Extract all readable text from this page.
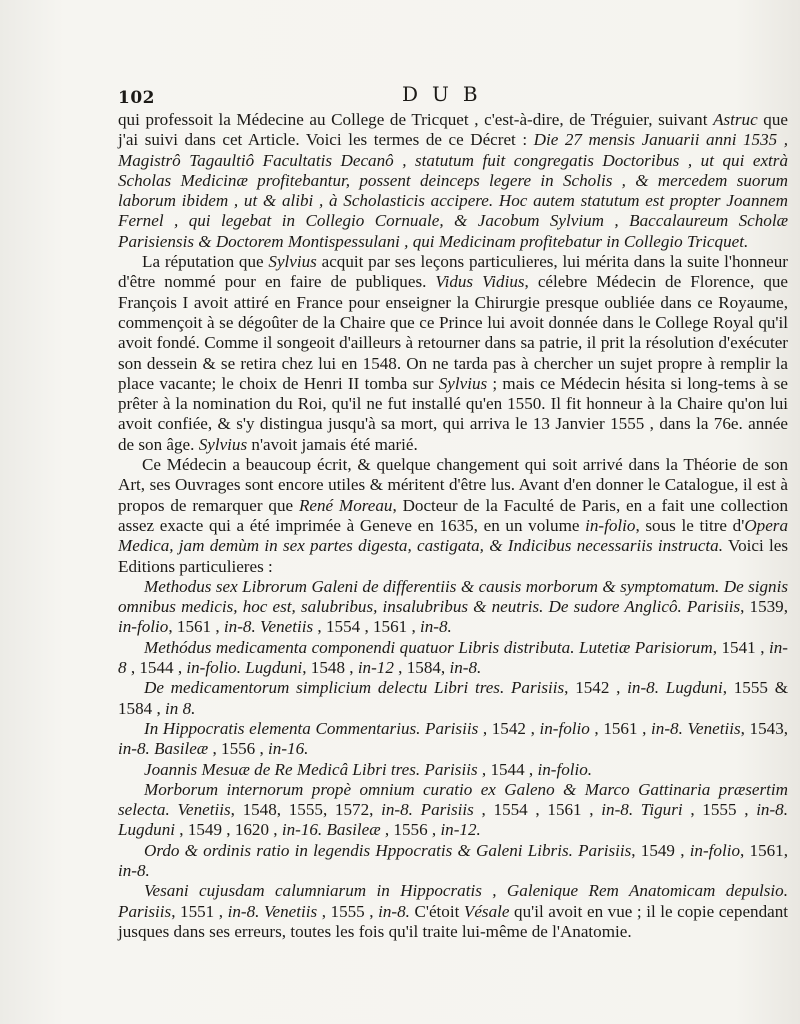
102	DUB

qui professoit la Médecine au College de Tricquet , c'est-à-dire, de Tréguier, suivant Astruc que j'ai suivi dans cet Article. Voici les termes de ce Décret : Die 27 mensis Januarii anni 1535 , Magistrô Tagaultiô Facultatis Decanô , statutum fuit congregatis Doctoribus , ut qui extrà Scholas Medicinæ profitebantur, possent deinceps legere in Scholis , & mercedem suorum laborum ibidem , ut & alibi , à Scholasticis accipere. Hoc autem statutum est propter Joannem Fernel , qui legebat in Collegio Cornuale, & Jacobum Sylvium , Baccalaureum Scholæ Parisiensis & Doctorem Montispessulani , qui Medicinam profitebatur in Collegio Tricquet.

La réputation que Sylvius acquit par ses leçons particulieres, lui mérita dans la suite l'honneur d'être nommé pour en faire de publiques. Vidus Vidius, célebre Médecin de Florence, que François I avoit attiré en France pour enseigner la Chirurgie presque oubliée dans ce Royaume, commençoit à se dégoûter de la Chaire que ce Prince lui avoit donnée dans le College Royal qu'il avoit fondé. Comme il songeoit d'ailleurs à retourner dans sa patrie, il prit la résolution d'exécuter son dessein & se retira chez lui en 1548. On ne tarda pas à chercher un sujet propre à remplir la place vacante; le choix de Henri II tomba sur Sylvius ; mais ce Médecin hésita si long-tems à se prêter à la nomination du Roi, qu'il ne fut installé qu'en 1550. Il fit honneur à la Chaire qu'on lui avoit confiée, & s'y distingua jusqu'à sa mort, qui arriva le 13 Janvier 1555 , dans la 76e. année de son âge. Sylvius n'avoit jamais été marié.

Ce Médecin a beaucoup écrit, & quelque changement qui soit arrivé dans la Théorie de son Art, ses Ouvrages sont encore utiles & méritent d'être lus. Avant d'en donner le Catalogue, il est à propos de remarquer que René Moreau, Docteur de la Faculté de Paris, en a fait une collection assez exacte qui a été imprimée à Geneve en 1635, en un volume in-folio, sous le titre d'Opera Medica, jam demùm in sex partes digesta, castigata, & Indicibus necessariis instructa. Voici les Editions particulieres :

Methodus sex Librorum Galeni de differentiis & causis morborum & symptomatum. De signis omnibus medicis, hoc est, salubribus, insalubribus & neutris. De sudore Anglicô. Parisiis, 1539, in-folio, 1561 , in-8. Venetiis , 1554 , 1561 , in-8.

Methódus medicamenta componendi quatuor Libris distributa. Lutetiæ Parisiorum, 1541 , in-8 , 1544 , in-folio. Lugduni, 1548 , in-12 , 1584, in-8.

De medicamentorum simplicium delectu Libri tres. Parisiis, 1542 , in-8. Lugduni, 1555 & 1584 , in 8.

In Hippocratis elementa Commentarius. Parisiis , 1542 , in-folio , 1561 , in-8. Venetiis, 1543, in-8. Basileæ , 1556 , in-16.

Joannis Mesuæ de Re Medicâ Libri tres. Parisiis , 1544 , in-folio.

Morborum internorum propè omnium curatio ex Galeno & Marco Gattinaria præsertim selecta. Venetiis, 1548, 1555, 1572, in-8. Parisiis , 1554 , 1561 , in-8. Tiguri , 1555 , in-8. Lugduni , 1549 , 1620 , in-16. Basileæ , 1556 , in-12.

Ordo & ordinis ratio in legendis Hppocratis & Galeni Libris. Parisiis, 1549 , in-folio, 1561, in-8.

Vesani cujusdam calumniarum in Hippocratis , Galenique Rem Anatomicam depulsio. Parisiis, 1551 , in-8. Venetiis , 1555 , in-8. C'étoit Vésale qu'il avoit en vue ; il le copie cependant jusques dans ses erreurs, toutes les fois qu'il traite lui-même de l'Anatomie.
